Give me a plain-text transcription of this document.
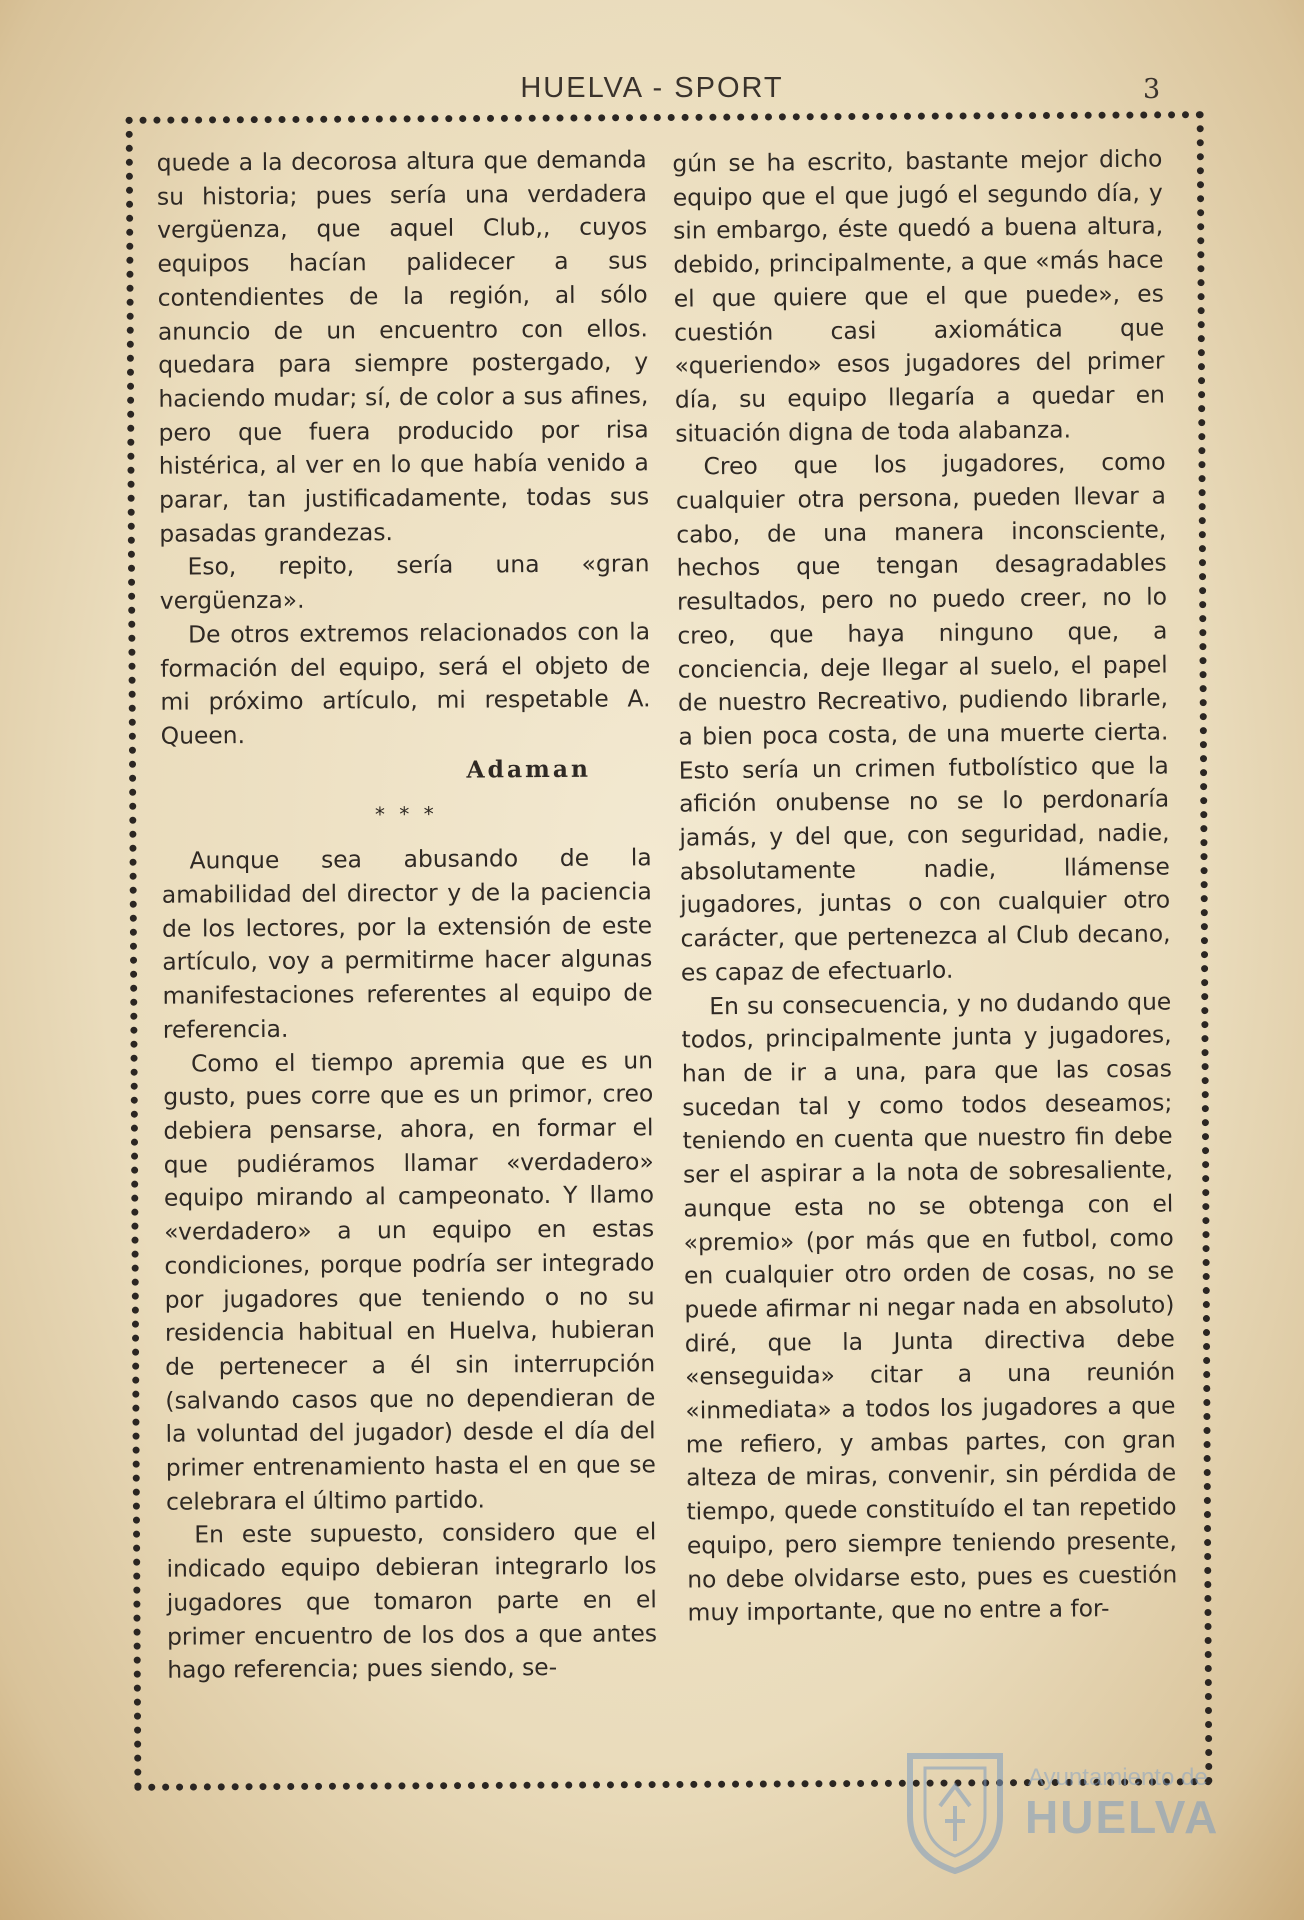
HUELVA - SPORT	3

quede a la decorosa altura que demanda su historia; pues sería una verdadera vergüenza, que aquel Club,, cuyos equipos hacían palidecer a sus contendientes de la región, al sólo anuncio de un encuentro con ellos. quedara para siempre postergado, y haciendo mudar; sí, de color a sus afines, pero que fuera producido por risa histérica, al ver en lo que había venido a parar, tan justificadamente, todas sus pasadas grandezas.

Eso, repito, sería una «gran vergüenza».

De otros extremos relacionados con la formación del equipo, será el objeto de mi próximo artículo, mi respetable A. Queen.

Adaman
* * *

Aunque sea abusando de la amabilidad del director y de la paciencia de los lectores, por la extensión de este artículo, voy a permitirme hacer algunas manifestaciones referentes al equipo de referencia.

Como el tiempo apremia que es un gusto, pues corre que es un primor, creo debiera pensarse, ahora, en formar el que pudiéramos llamar «verdadero» equipo mirando al campeonato. Y llamo «verdadero» a un equipo en estas condiciones, porque podría ser integrado por jugadores que teniendo o no su residencia habitual en Huelva, hubieran de pertenecer a él sin interrupción (salvando casos que no dependieran de la voluntad del jugador) desde el día del primer entrenamiento hasta el en que se celebrara el último partido.

En este supuesto, considero que el indicado equipo debieran integrarlo los jugadores que tomaron parte en el primer encuentro de los dos a que antes hago referencia; pues siendo, se-

gún se ha escrito, bastante mejor dicho equipo que el que jugó el segundo día, y sin embargo, éste quedó a buena altura, debido, principalmente, a que «más hace el que quiere que el que puede», es cuestión casi axiomática que «queriendo» esos jugadores del primer día, su equipo llegaría a quedar en situación digna de toda alabanza.

Creo que los jugadores, como cualquier otra persona, pueden llevar a cabo, de una manera inconsciente, hechos que tengan desagradables resultados, pero no puedo creer, no lo creo, que haya ninguno que, a conciencia, deje llegar al suelo, el papel de nuestro Recreativo, pudiendo librarle, a bien poca costa, de una muerte cierta. Esto sería un crimen futbolístico que la afición onubense no se lo perdonaría jamás, y del que, con seguridad, nadie, absolutamente nadie, llámense jugadores, juntas o con cualquier otro carácter, que pertenezca al Club decano, es capaz de efectuarlo.

En su consecuencia, y no dudando que todos, principalmente junta y jugadores, han de ir a una, para que las cosas sucedan tal y como todos deseamos; teniendo en cuenta que nuestro fin debe ser el aspirar a la nota de sobresaliente, aunque esta no se obtenga con el «premio» (por más que en futbol, como en cualquier otro orden de cosas, no se puede afirmar ni negar nada en absoluto) diré, que la Junta directiva debe «enseguida» citar a una reunión «inmediata» a todos los jugadores a que me refiero, y ambas partes, con gran alteza de miras, convenir, sin pérdida de tiempo, quede constituído el tan repetido equipo, pero siempre teniendo presente, no debe olvidarse esto, pues es cuestión muy importante, que no entre a for-

Ayuntamiento de
HUELVA
